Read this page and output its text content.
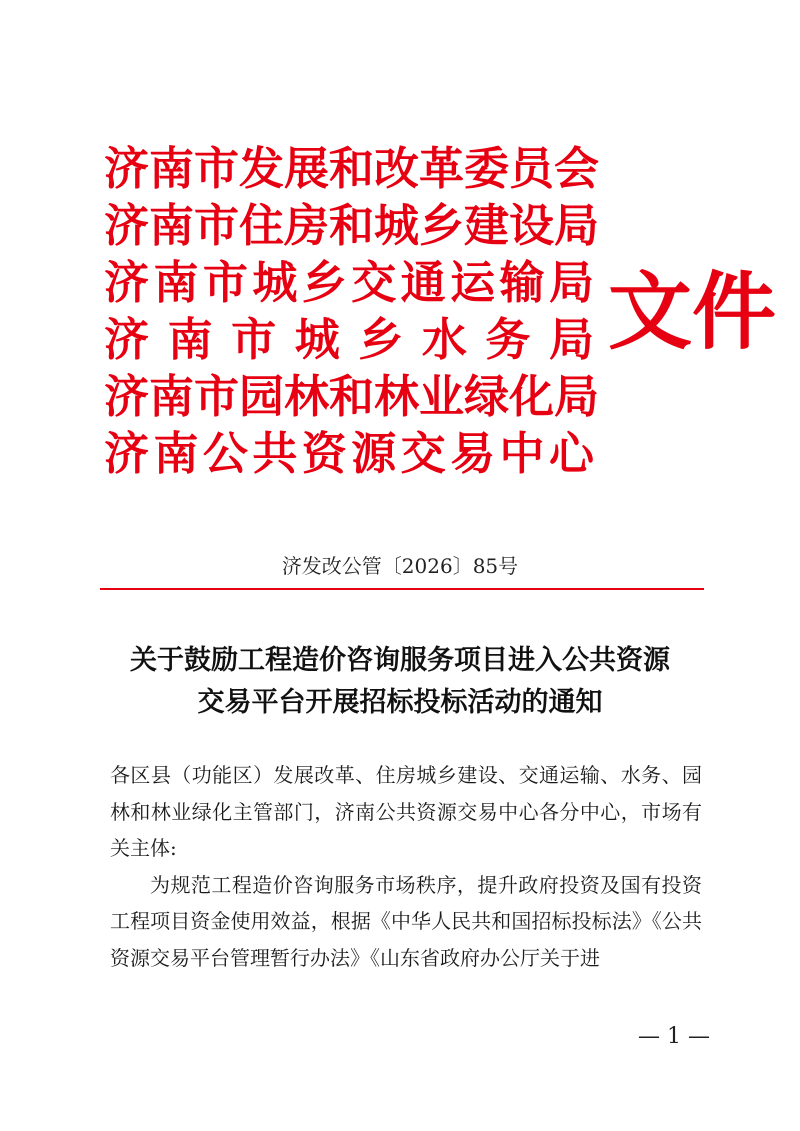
济南市发展和改革委员会
济南市住房和城乡建设局
济南市城乡交通运输局
济南市城乡水务局
济南市园林和林业绿化局
济南公共资源交易中心
文件
济发改公管〔2026〕85号
关于鼓励工程造价咨询服务项目进入公共资源
交易平台开展招标投标活动的通知

各区县（功能区）发展改革、住房城乡建设、交通运输、水务、园林和林业绿化主管部门，济南公共资源交易中心各分中心，市场有关主体:

为规范工程造价咨询服务市场秩序，提升政府投资及国有投资工程项目资金使用效益，根据《中华人民共和国招标投标法》《公共资源交易平台管理暂行办法》《山东省政府办公厅关于进

— 1 —
